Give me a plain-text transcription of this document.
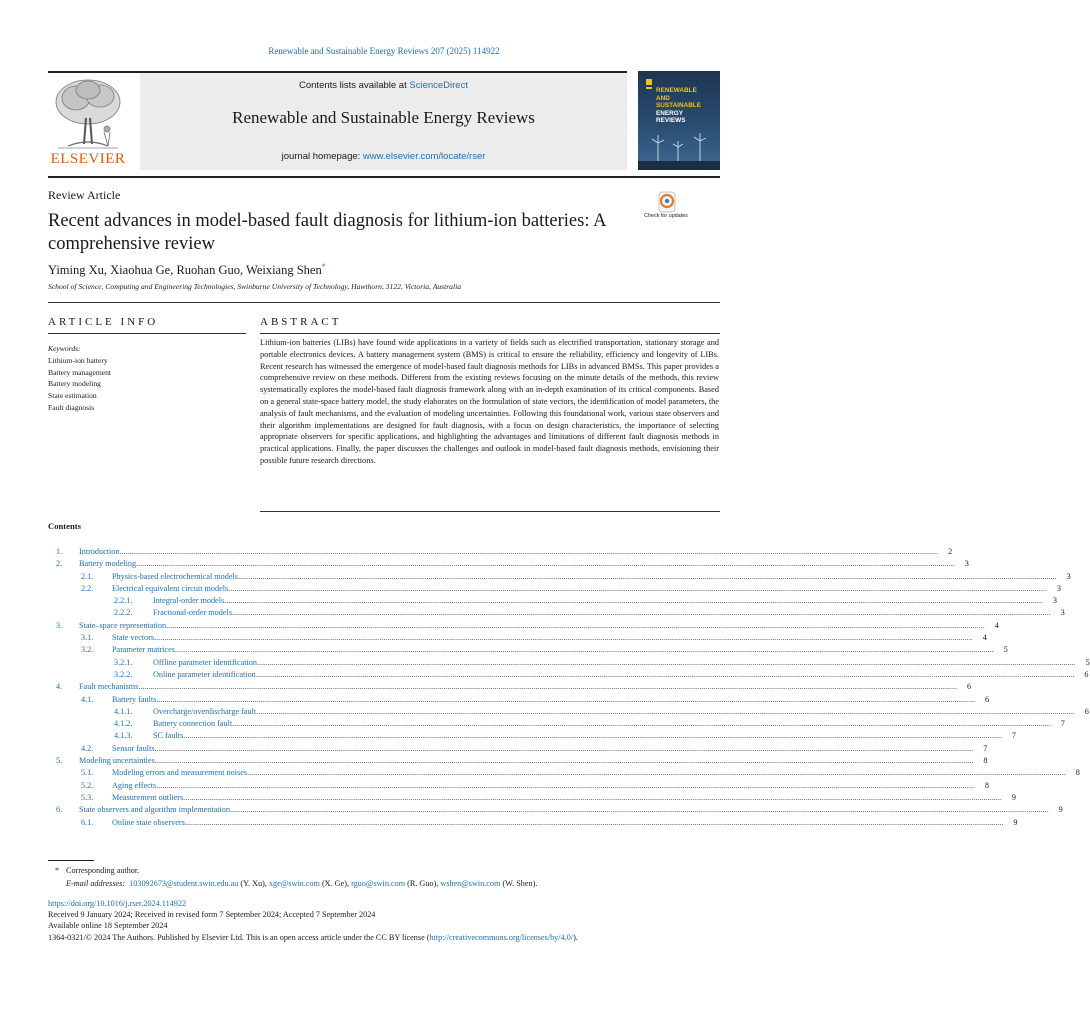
Renewable and Sustainable Energy Reviews 207 (2025) 114922
ELSEVIER
Contents lists available at ScienceDirect
Renewable and Sustainable Energy Reviews
journal homepage: www.elsevier.com/locate/rser
RENEWABLE
AND
SUSTAINABLE
ENERGY
REVIEWS
Review Article
Check for updates
Recent advances in model-based fault diagnosis for lithium-ion batteries: A comprehensive review
Yiming Xu, Xiaohua Ge, Ruohan Guo, Weixiang Shen*
School of Science, Computing and Engineering Technologies, Swinburne University of Technology, Hawthorn, 3122, Victoria, Australia
ARTICLE INFO	ABSTRACT
Keywords:
Lithium-ion battery
Battery management
Battery modeling
State estimation
Fault diagnosis
Lithium-ion batteries (LIBs) have found wide applications in a variety of fields such as electrified transportation, stationary storage and portable electronics devices. A battery management system (BMS) is critical to ensure the reliability, efficiency and longevity of LIBs. Recent research has witnessed the emergence of model-based fault diagnosis methods for LIBs in advanced BMSs. This paper provides a comprehensive review on these methods. Different from the existing reviews focusing on the minute details of the methods, this review systematically explores the model-based fault diagnosis framework along with an in-depth examination of its critical components. Based on a general state-space battery model, the study elaborates on the formulation of state vectors, the identification of model parameters, the analysis of fault mechanisms, and the evaluation of modeling uncertainties. Following this foundational work, various state observers and their algorithm implementations are designed for fault diagnosis, with a focus on design characteristics, the importance of selecting appropriate observers for specific applications, and highlighting the advantages and limitations of different fault diagnosis methods in practical applications. Finally, the paper discusses the challenges and outlook in model-based fault diagnosis methods, envisioning their possible future research directions.
Contents
1. Introduction ................................................................................................................................................................................................................................................................................................................................................................................................................	2
2. Battery modeling ................................................................................................................................................................................................................................................................................................................................................................................................................	3
2.1. Physics-based electrochemical models ................................................................................................................................................................................................................................................................................................................................................................................................................	3
2.2. Electrical equivalent circuit models ................................................................................................................................................................................................................................................................................................................................................................................................................	3
2.2.1.	Integral-order models ................................................................................................................................................................................................................................................................................................................................................................................................................	3
2.2.2.	Fractional-order models ................................................................................................................................................................................................................................................................................................................................................................................................................	3
3. State–space representation ................................................................................................................................................................................................................................................................................................................................................................................................................	4
3.1. State vectors ................................................................................................................................................................................................................................................................................................................................................................................................................	4
3.2. Parameter matrices ................................................................................................................................................................................................................................................................................................................................................................................................................	5
3.2.1.	Offline parameter identification ................................................................................................................................................................................................................................................................................................................................................................................................................	5
3.2.2.	Online parameter identification ................................................................................................................................................................................................................................................................................................................................................................................................................	6
4. Fault mechanisms ................................................................................................................................................................................................................................................................................................................................................................................................................	6
4.1. Battery faults ................................................................................................................................................................................................................................................................................................................................................................................................................	6
4.1.1.	Overcharge/overdischarge fault ................................................................................................................................................................................................................................................................................................................................................................................................................	6
4.1.2.	Battery connection fault ................................................................................................................................................................................................................................................................................................................................................................................................................	7
4.1.3.	SC faults ................................................................................................................................................................................................................................................................................................................................................................................................................	7
4.2. Sensor faults ................................................................................................................................................................................................................................................................................................................................................................................................................	7
5. Modeling uncertainties ................................................................................................................................................................................................................................................................................................................................................................................................................	8
5.1. Modeling errors and measurement noises ................................................................................................................................................................................................................................................................................................................................................................................................................	8
5.2. Aging effects ................................................................................................................................................................................................................................................................................................................................................................................................................	8
5.3. Measurement outliers ................................................................................................................................................................................................................................................................................................................................................................................................................	9
6. State observers and algorithm implementation ................................................................................................................................................................................................................................................................................................................................................................................................................	9
6.1. Online state observers ................................................................................................................................................................................................................................................................................................................................................................................................................	9
* Corresponding author.
E-mail addresses: 103092673@student.swin.edu.au (Y. Xu), xge@swin.com (X. Ge), rguo@swin.com (R. Guo), wshen@swin.com (W. Shen).
https://doi.org/10.1016/j.rser.2024.114922
Received 9 January 2024; Received in revised form 7 September 2024; Accepted 7 September 2024
Available online 18 September 2024
1364-0321/© 2024 The Authors. Published by Elsevier Ltd. This is an open access article under the CC BY license (http://creativecommons.org/licenses/by/4.0/).
